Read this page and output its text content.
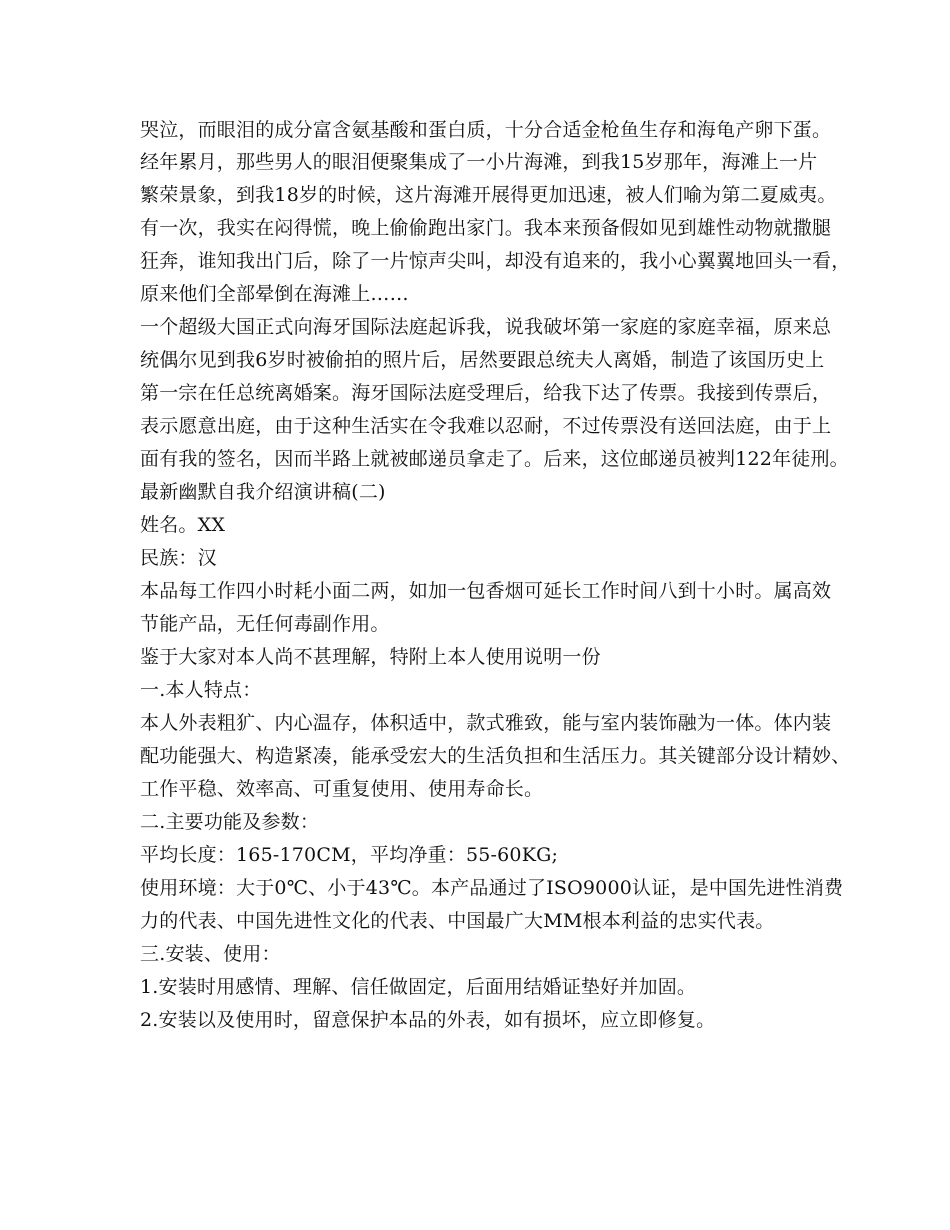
哭泣，而眼泪的成分富含氨基酸和蛋白质，十分合适金枪鱼生存和海龟产卵下蛋。
经年累月，那些男人的眼泪便聚集成了一小片海滩，到我15岁那年，海滩上一片
繁荣景象，到我18岁的时候，这片海滩开展得更加迅速，被人们喻为第二夏威夷。
有一次，我实在闷得慌，晚上偷偷跑出家门。我本来预备假如见到雄性动物就撒腿
狂奔，谁知我出门后，除了一片惊声尖叫，却没有追来的，我小心翼翼地回头一看，
原来他们全部晕倒在海滩上……
一个超级大国正式向海牙国际法庭起诉我，说我破坏第一家庭的家庭幸福，原来总
统偶尔见到我6岁时被偷拍的照片后，居然要跟总统夫人离婚，制造了该国历史上
第一宗在任总统离婚案。海牙国际法庭受理后，给我下达了传票。我接到传票后，
表示愿意出庭，由于这种生活实在令我难以忍耐，不过传票没有送回法庭，由于上
面有我的签名，因而半路上就被邮递员拿走了。后来，这位邮递员被判122年徒刑。
最新幽默自我介绍演讲稿(二)
姓名。XX
民族：汉
本品每工作四小时耗小面二两，如加一包香烟可延长工作时间八到十小时。属高效
节能产品，无任何毒副作用。
鉴于大家对本人尚不甚理解，特附上本人使用说明一份
一.本人特点：
本人外表粗犷、内心温存，体积适中，款式雅致，能与室内装饰融为一体。体内装
配功能强大、构造紧凑，能承受宏大的生活负担和生活压力。其关键部分设计精妙、
工作平稳、效率高、可重复使用、使用寿命长。
二.主要功能及参数：
平均长度：165-170CM，平均净重：55-60KG;
使用环境：大于0℃、小于43℃。本产品通过了ISO9000认证，是中国先进性消费
力的代表、中国先进性文化的代表、中国最广大MM根本利益的忠实代表。
三.安装、使用：
1.安装时用感情、理解、信任做固定，后面用结婚证垫好并加固。
2.安装以及使用时，留意保护本品的外表，如有损坏，应立即修复。
